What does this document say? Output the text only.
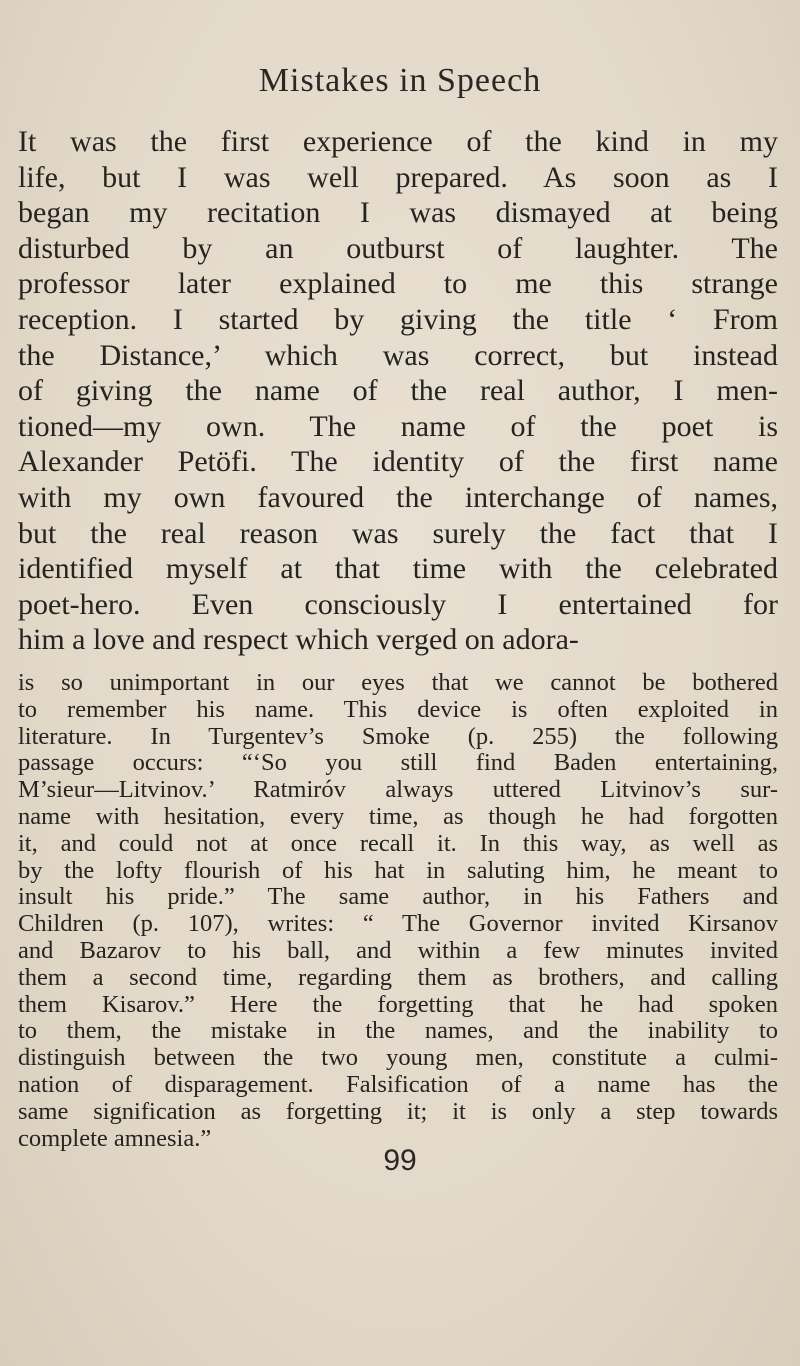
Mistakes in Speech
It was the first experience of the kind in my
life, but I was well prepared. As soon as I
began my recitation I was dismayed at being
disturbed by an outburst of laughter. The
professor later explained to me this strange
reception. I started by giving the title ‘ From
the Distance,’ which was correct, but instead
of giving the name of the real author, I men-
tioned—my own. The name of the poet is
Alexander Petöfi. The identity of the first name
with my own favoured the interchange of names,
but the real reason was surely the fact that I
identified myself at that time with the celebrated
poet-hero. Even consciously I entertained for
him a love and respect which verged on adora-
is so unimportant in our eyes that we cannot be bothered
to remember his name. This device is often exploited in
literature. In Turgentev’s Smoke (p. 255) the following
passage occurs: “‘So you still find Baden entertaining,
M’sieur—Litvinov.’ Ratmiróv always uttered Litvinov’s sur-
name with hesitation, every time, as though he had forgotten
it, and could not at once recall it. In this way, as well as
by the lofty flourish of his hat in saluting him, he meant to
insult his pride.” The same author, in his Fathers and
Children (p. 107), writes: “ The Governor invited Kirsanov
and Bazarov to his ball, and within a few minutes invited
them a second time, regarding them as brothers, and calling
them Kisarov.” Here the forgetting that he had spoken
to them, the mistake in the names, and the inability to
distinguish between the two young men, constitute a culmi-
nation of disparagement. Falsification of a name has the
same signification as forgetting it; it is only a step towards
complete amnesia.”
99
